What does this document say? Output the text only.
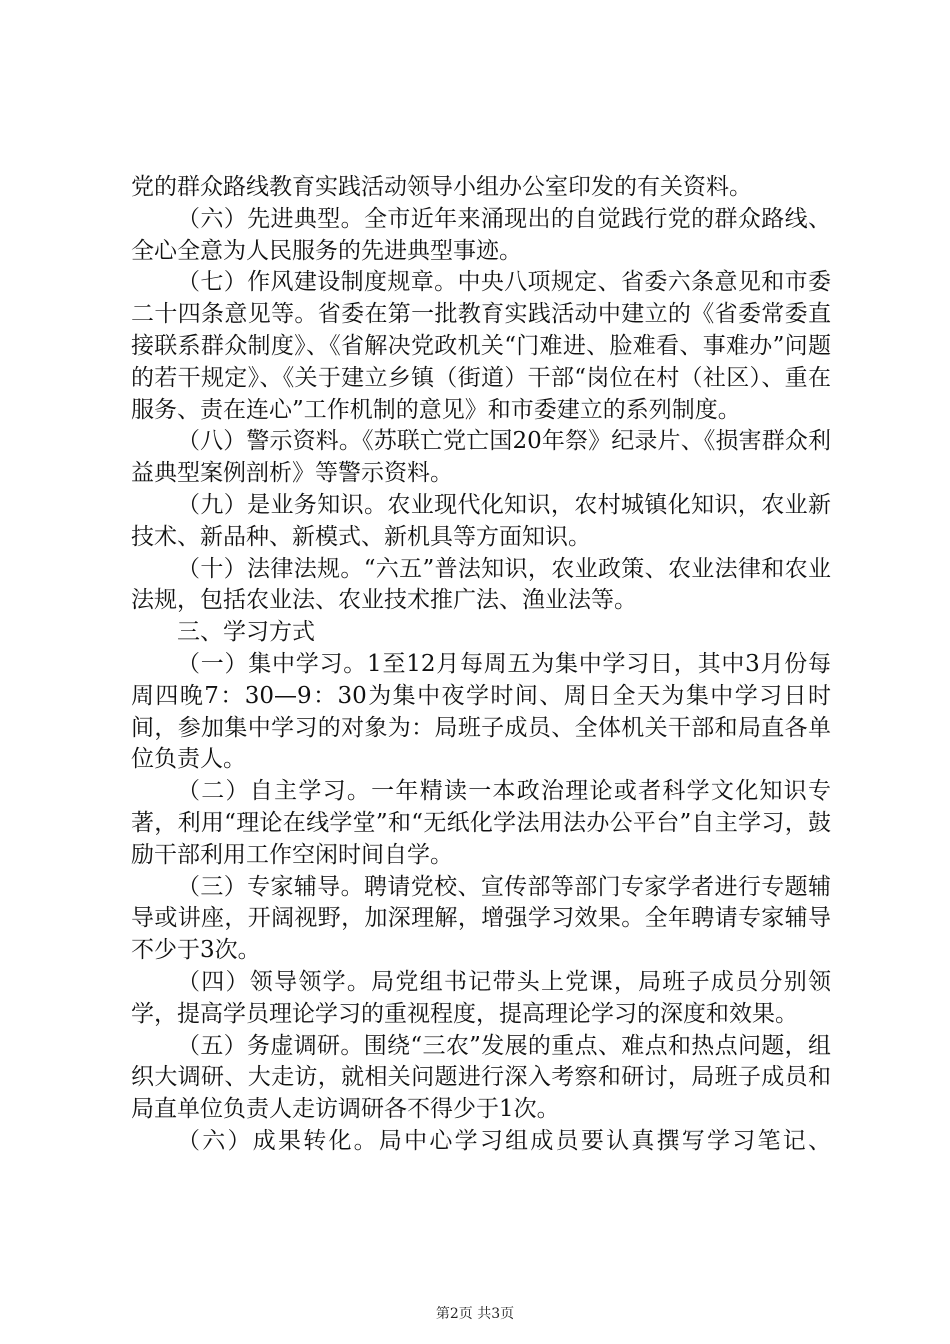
党的群众路线教育实践活动领导小组办公室印发的有关资料。

（六）先进典型。全市近年来涌现出的自觉践行党的群众路线、全心全意为人民服务的先进典型事迹。

（七）作风建设制度规章。中央八项规定、省委六条意见和市委二十四条意见等。省委在第一批教育实践活动中建立的《省委常委直接联系群众制度》、《省解决党政机关“门难进、脸难看、事难办”问题的若干规定》、《关于建立乡镇（街道）干部“岗位在村（社区）、重在服务、责在连心”工作机制的意见》和市委建立的系列制度。

（八）警示资料。《苏联亡党亡国20年祭》纪录片、《损害群众利益典型案例剖析》等警示资料。

（九）是业务知识。农业现代化知识，农村城镇化知识，农业新技术、新品种、新模式、新机具等方面知识。

（十）法律法规。“六五”普法知识，农业政策、农业法律和农业法规，包括农业法、农业技术推广法、渔业法等。

三、学习方式

（一）集中学习。1至12月每周五为集中学习日，其中3月份每周四晚7：30—9：30为集中夜学时间、周日全天为集中学习日时间，参加集中学习的对象为：局班子成员、全体机关干部和局直各单位负责人。

（二）自主学习。一年精读一本政治理论或者科学文化知识专著，利用“理论在线学堂”和“无纸化学法用法办公平台”自主学习，鼓励干部利用工作空闲时间自学。

（三）专家辅导。聘请党校、宣传部等部门专家学者进行专题辅导或讲座，开阔视野，加深理解，增强学习效果。全年聘请专家辅导不少于3次。

（四）领导领学。局党组书记带头上党课，局班子成员分别领学，提高学员理论学习的重视程度，提高理论学习的深度和效果。

（五）务虚调研。围绕“三农”发展的重点、难点和热点问题，组织大调研、大走访，就相关问题进行深入考察和研讨，局班子成员和局直单位负责人走访调研各不得少于1次。

（六）成果转化。局中心学习组成员要认真撰写学习笔记、

第2页 共3页
